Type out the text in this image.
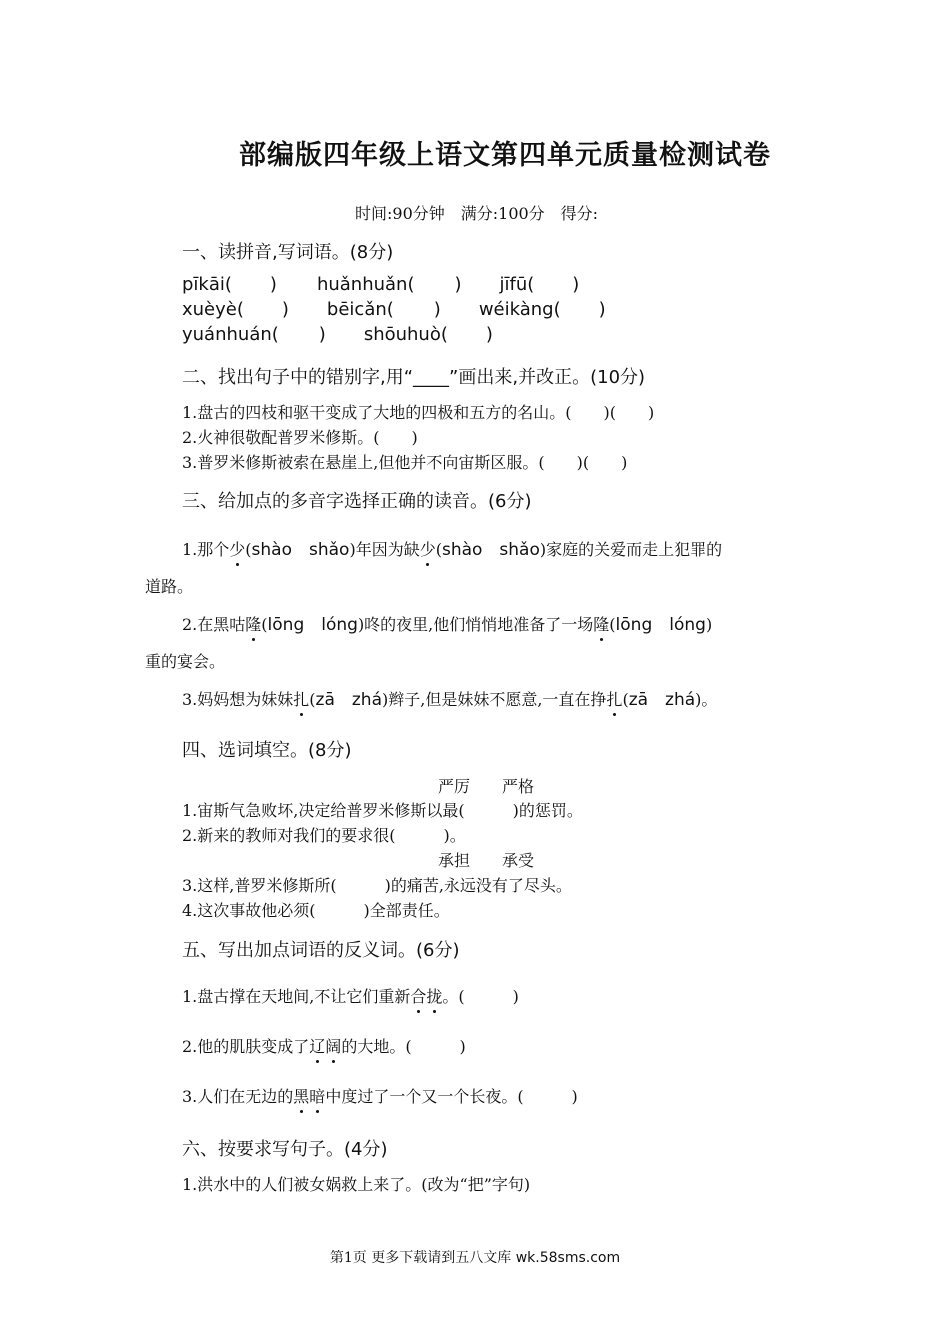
部编版四年级上语文第四单元质量检测试卷
时间:90分钟　满分:100分　得分:
一、读拼音,写词语。(8分)
pīkāi( ) huǎnhuǎn( ) jīfū( )
xuèyè( ) bēicǎn( ) wéikàng( )
yuánhuán( ) shōuhuò( )
二、找出句子中的错别字,用“____”画出来,并改正。(10分)
1.盘古的四枝和驱干变成了大地的四极和五方的名山。(　　)(　　)
2.火神很敬配普罗米修斯。(　　)
3.普罗米修斯被索在悬崖上,但他并不向宙斯区服。(　　)(　　)
三、给加点的多音字选择正确的读音。(6分)
1.那个少(shào　shǎo)年因为缺少(shào　shǎo)家庭的关爱而走上犯罪的
道路。
2.在黑咕隆(lōng　lóng)咚的夜里,他们悄悄地准备了一场隆(lōng　lóng)
重的宴会。
3.妈妈想为妹妹扎(zā　zhá)辫子,但是妹妹不愿意,一直在挣扎(zā　zhá)。
四、选词填空。(8分)
严厉　　严格
1.宙斯气急败坏,决定给普罗米修斯以最(　　　)的惩罚。
2.新来的教师对我们的要求很(　　　)。
承担　　承受
3.这样,普罗米修斯所(　　　)的痛苦,永远没有了尽头。
4.这次事故他必须(　　　)全部责任。
五、写出加点词语的反义词。(6分)
1.盘古撑在天地间,不让它们重新合拢。(　　　)
2.他的肌肤变成了辽阔的大地。(　　　)
3.人们在无边的黑暗中度过了一个又一个长夜。(　　　)
六、按要求写句子。(4分)
1.洪水中的人们被女娲救上来了。(改为“把”字句)
第1页 更多下载请到五八文库 wk.58sms.com
